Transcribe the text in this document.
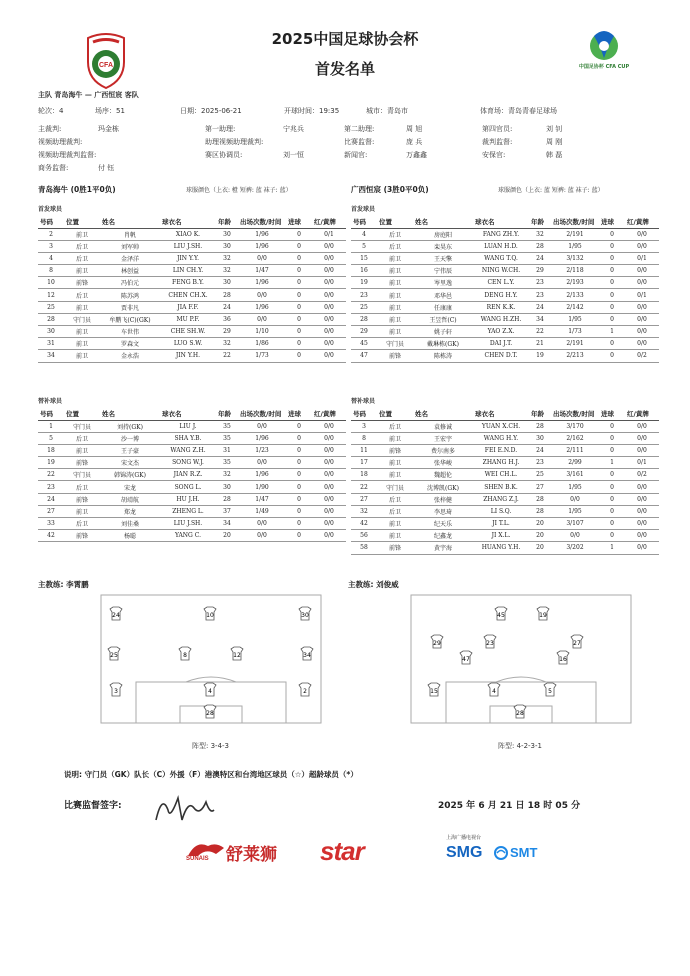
CFA
2025中国足球协会杯
首发名单	中国足协杯 CFA CUP
主队 青岛海牛 — 广西恒宸 客队
轮次：4	场序：51	日期：2025-06-21	开球时间：19:35	城市：青岛市	体育场：青岛青春足球场
主裁判:	玛金栋	第一助理:	宁兆兵	第二助理:	周 旭	第四官员:	刘 钊
视频助理裁判:	助理视频助理裁判:	比赛监督:	庞 兵	裁判监督:	周 刚
视频助理裁判监督:	赛区协调员:	刘一恒	新闻官:	万鑫鑫	安保官:	韩 磊
商务监督:	付 钰
青岛海牛 (0胜1平0负)	球服颜色（上衣: 橙 短裤: 蓝 袜子: 蓝）
首发球员
号码	位置	姓名	球衣名	年龄	出场次数/时间	进球	红/黄牌
2	前卫	肖帆	XIAO K.	30	1/96	0	0/1
3	后卫	刘军帅	LIU J.SH.	30	1/96	0	0/0
4	后卫	金泽洋	JIN Y.Y.	32	0/0	0	0/0
8	前卫	林创益	LIN CH.Y.	32	1/47	0	0/0
10	前锋	冯伯元	FENG B.Y.	30	1/96	0	0/0
12	后卫	陈苏鸿	CHEN CH.X.	28	0/0	0	0/0
25	前卫	贾非凡	JIA F.F.	24	1/96	0	0/0
28	守门员	牟鹏飞(C)(GK)	MU P.F.	36	0/0	0	0/0
30	前卫	车世伟	CHE SH.W.	29	1/10	0	0/0
31	前卫	罗森文	LUO S.W.	32	1/86	0	0/0
34	前卫	金永浩	JIN Y.H.	22	1/73	0	0/0
替补球员
号码	位置	姓名	球衣名	年龄	出场次数/时间	进球	红/黄牌
1	守门员	刘持(GK)	LIU J.	35	0/0	0	0/0
5	后卫	沙一博	SHA Y.B.	35	1/96	0	0/0
18	前卫	王子豪	WANG Z.H.	31	1/23	0	0/0
19	前锋	宋文杰	SONG W.J.	35	0/0	0	0/0
22	守门员	韩锦涛(GK)	JIAN R.Z.	32	1/96	0	0/0
23	后卫	宋龙	SONG L.	30	1/90	0	0/0
24	前锋	胡靖航	HU J.H.	28	1/47	0	0/0
27	前卫	郑龙	ZHENG L.	37	1/49	0	0/0
33	后卫	刘佳桑	LIU J.SH.	34	0/0	0	0/0
42	前锋	杨聪	YANG C.	20	0/0	0	0/0
广西恒宸 (3胜0平0负)	球服颜色（上衣: 蓝 短裤: 蓝 袜子: 蓝）
首发球员
号码	位置	姓名	球衣名	年龄	出场次数/时间	进球	红/黄牌
4	后卫	房庭阳	FANG ZH.Y.	32	2/191	0	0/0
5	后卫	栾昊东	LUAN H.D.	28	1/95	0	0/0
15	前卫	王天擎	WANG T.Q.	24	3/132	0	0/1
16	前卫	宁伟辰	NING W.CH.	29	2/118	0	0/0
19	前卫	岑里逸	CEN L.Y.	23	2/193	0	0/0
23	前卫	邓华邑	DENG H.Y.	23	2/133	0	0/1
25	前卫	任康康	REN K.K.	24	2/142	0	0/0
28	前卫	王昱哲(C)	WANG H.ZH.	34	1/95	0	0/0
29	前卫	姚子轩	YAO Z.X.	22	1/73	1	0/0
45	守门员	戴琳栋(GK)	DAI J.T.	21	2/191	0	0/0
47	前锋	陈栋涛	CHEN D.T.	19	2/213	0	0/2
替补球员
号码	位置	姓名	球衣名	年龄	出场次数/时间	进球	红/黄牌
3	后卫	袁修诚	YUAN X.CH.	28	3/170	0	0/0
8	前卫	王宏宇	WANG H.Y.	30	2/162	0	0/0
11	前锋	费尔南多	FEI E.N.D.	24	2/111	0	0/0
17	前卫	张华峻	ZHANG H.J.	23	2/99	1	0/1
18	前卫	魏超伦	WEI CH.L.	25	3/161	0	0/2
22	守门员	沈博凯(GK)	SHEN B.K.	27	1/95	0	0/0
27	后卫	张梓健	ZHANG Z.J.	28	0/0	0	0/0
32	后卫	李思琦	LI S.Q.	28	1/95	0	0/0
42	前卫	纪天乐	JI T.L.	20	3/107	0	0/0
56	前卫	纪鑫龙	JI X.L.	20	0/0	0	0/0
58	前锋	黄宇海	HUANG Y.H.	20	3/202	1	0/0
主教练: 李霄鹏	主教练: 刘俊威
24	10	30
25	8	12	34
3	4	2
28
45	19
29	23	27
47	16
15	4	5
28
阵型: 3-4-3	阵型: 4-2-3-1
说明: 守门员（GK）队长（C）外援（F）港澳特区和台湾地区球员（☆）超龄球员（*）
比赛监督签字:	2025 年 6 月 21 日 18 时 05 分
SUNAIS 舒莱狮 star	上海广播电视台
SMG SMT
